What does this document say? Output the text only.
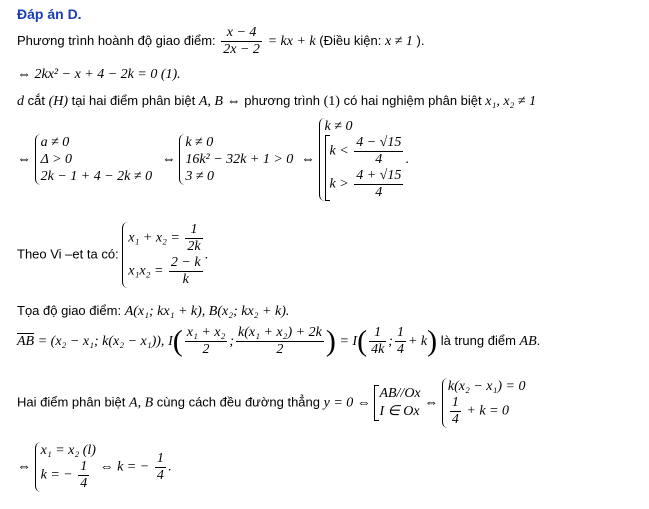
Đáp án D.
Phương trình hoành độ giao điểm: $\frac{x - 4}{2x - 2}$ = kx + k (Điều kiện: x ≠ 1 ).
⇔ 2kx² − x + 4 − 2k = 0 (1).
d cắt (H) tại hai điểm phân biệt A, B ⇔ phương trình (1) có hai nghiệm phân biệt x₁, x₂ ≠ 1
⇔
a ≠ 0
Δ > 0
2k − 1 + 4 − 2k ≠ 0
⇔
k ≠ 0
16k² − 32k + 1 > 0
3 ≠ 0
⇔
k ≠ 0
$k < \frac{4 - √15}{4}$
$k > \frac{4 + √15}{4}$
.
Theo Vi –et ta có:
$x_1 + x_2 = \frac{1}{2k}$
$x_1x_2 = \frac{2 - k}{k}$
.
Tọa độ giao điểm: A(x₁; kx₁ + k), B(x₂; kx₂ + k).
$\overline{AB} = (x_2 - x_1$; k(x₂ − x₁)), $I( \frac{\text{x₁ + x₂}}{2}$ ; $\frac{\text{k(x₁ + x₂) + 2k}}{2}$ ) = $I( \frac{1}{4k}$ ; $\frac{1}{4} + k$) là trung điểm AB.
Hai điểm phân biệt A, B cùng cách đều đường thẳng y = 0 ⇔
AB//Ox
I ∈ Ox
⇔
k(x₂ − x₁) = 0
$\frac{1}{4} + k = 0$
⇔
x₁ = x₂ (l)
k = − $\frac{1}{4}$ ⇔ k = − $\frac{1}{4}$ .
